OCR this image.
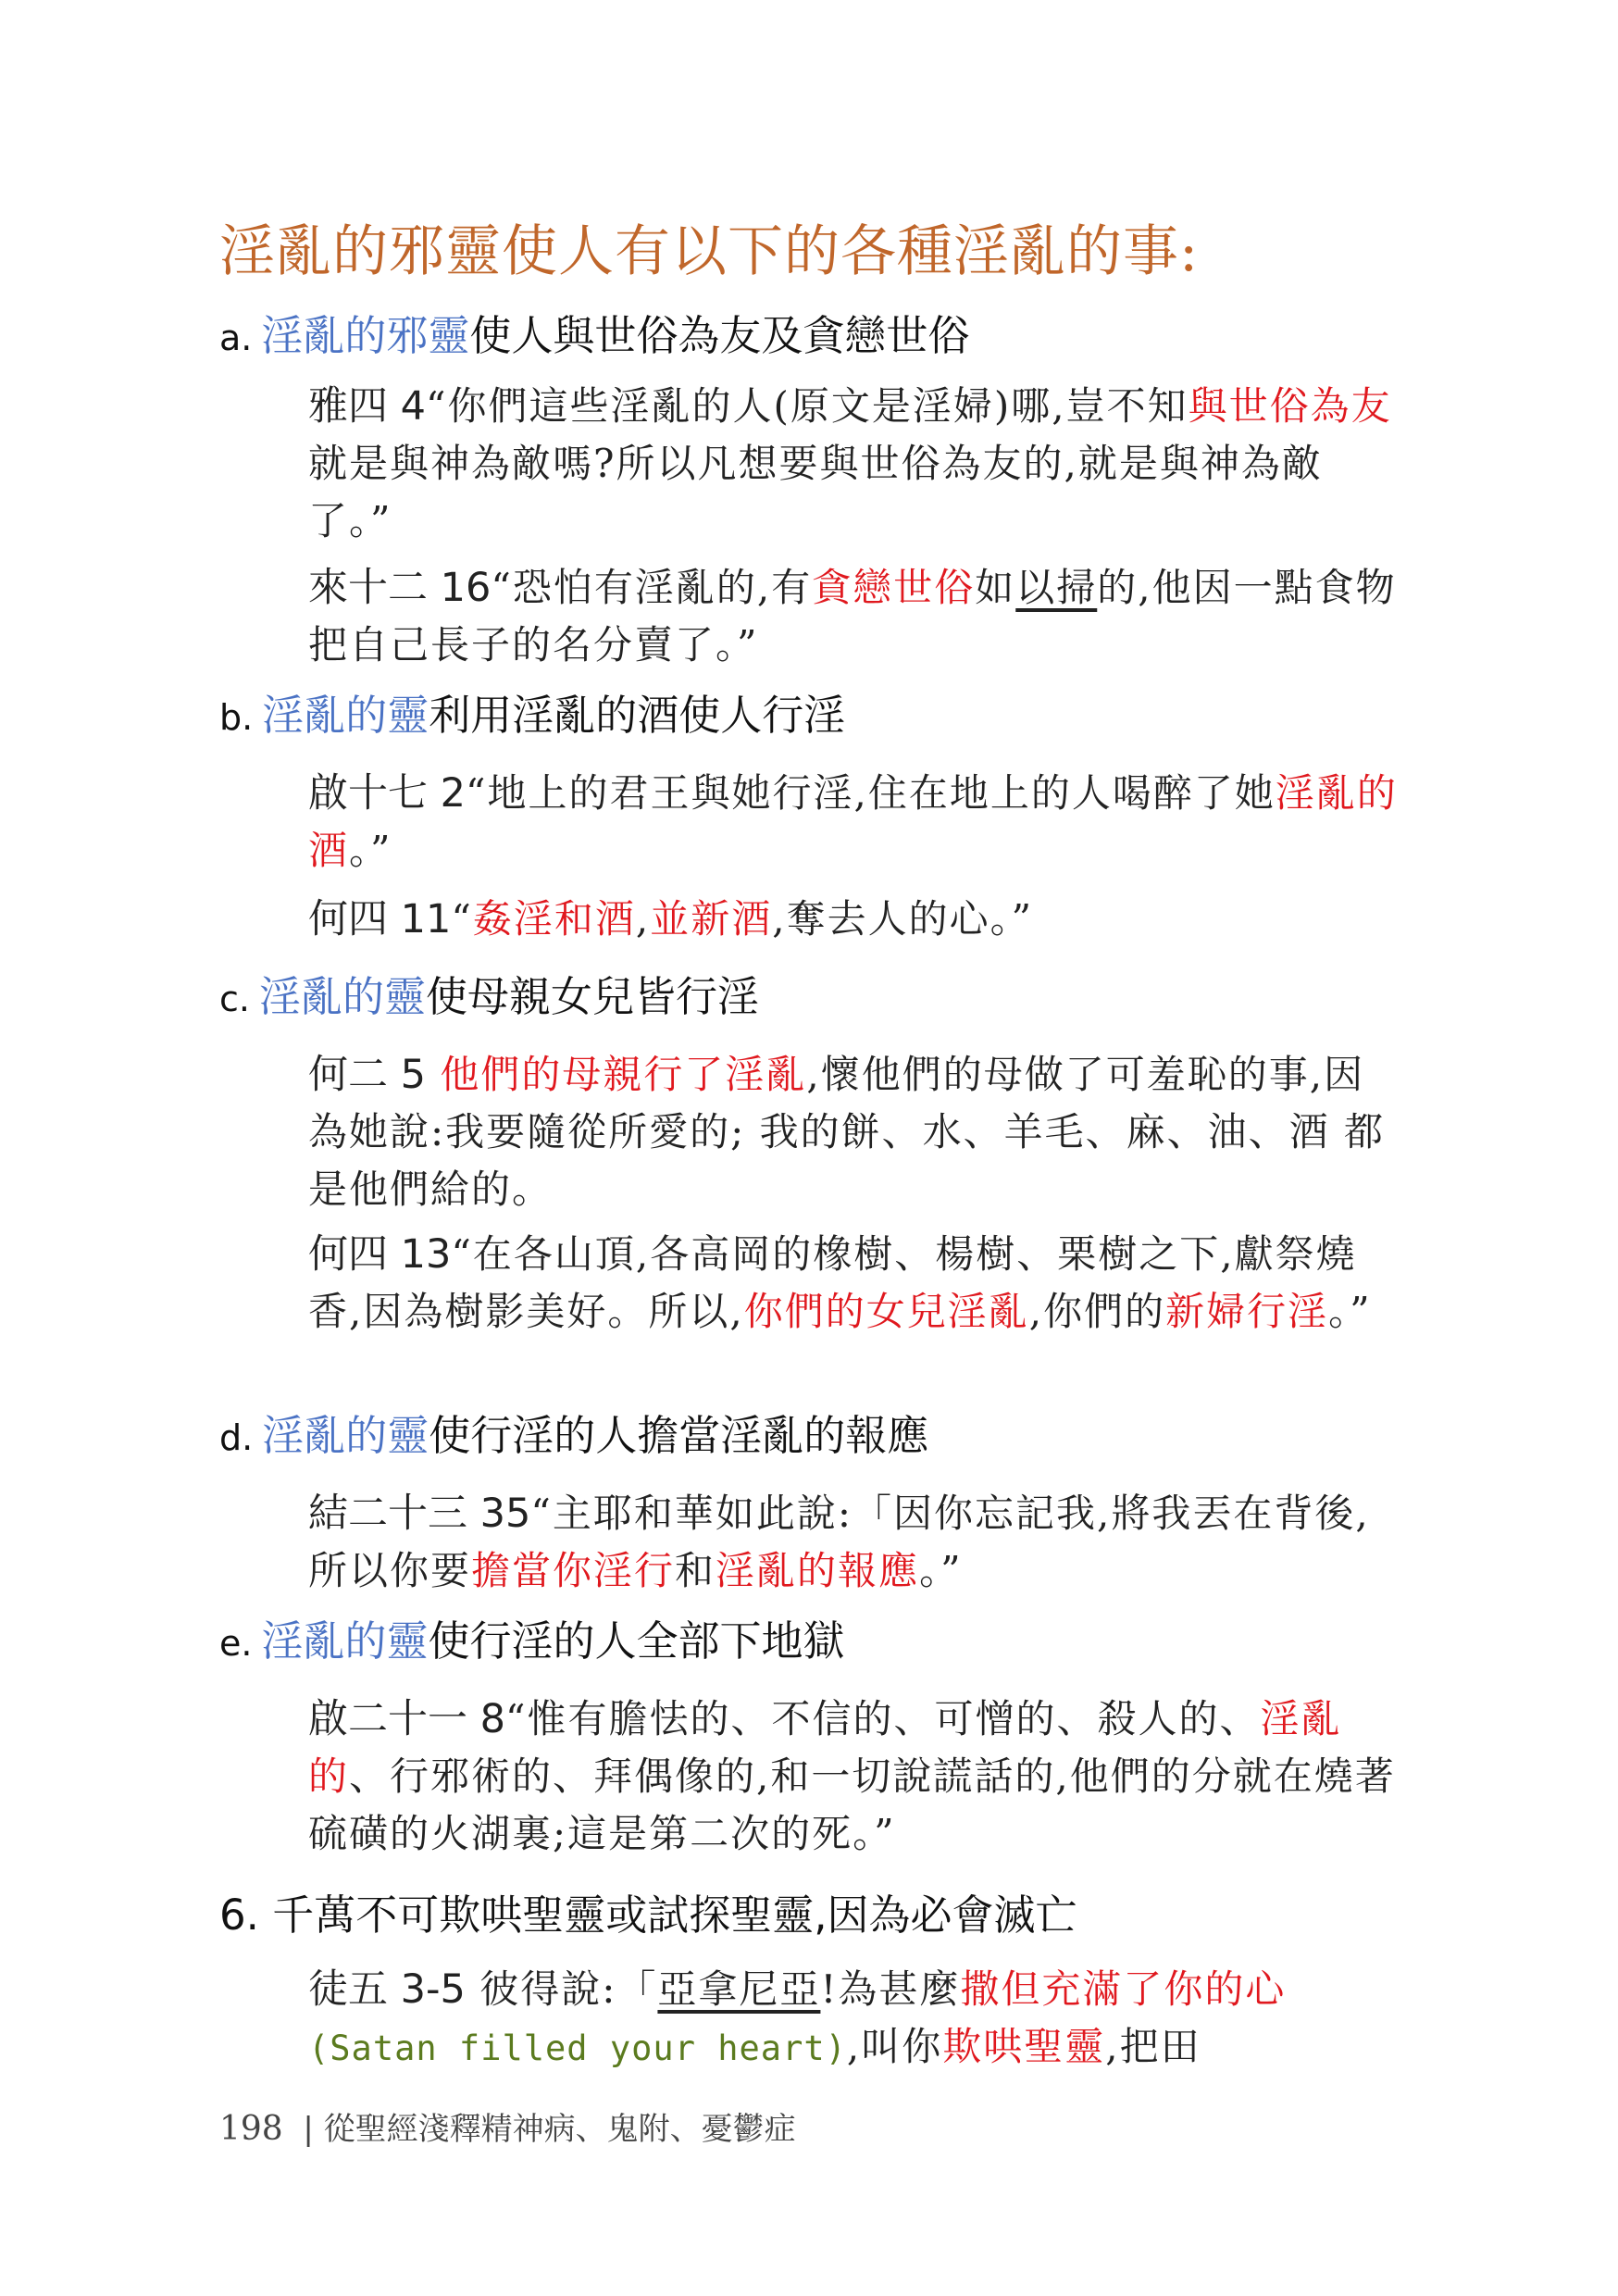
淫亂的邪靈使人有以下的各種淫亂的事:

a. 淫亂的邪靈使人與世俗為友及貪戀世俗

雅四 4“你們這些淫亂的人(原文是淫婦)哪,豈不知與世俗為友就是與神為敵嗎?所以凡想要與世俗為友的,就是與神為敵了。”

來十二 16“恐怕有淫亂的,有貪戀世俗如以掃的,他因一點食物把自己長子的名分賣了。”

b. 淫亂的靈利用淫亂的酒使人行淫

啟十七 2“地上的君王與她行淫,住在地上的人喝醉了她淫亂的酒。”

何四 11“姦淫和酒,並新酒,奪去人的心。”

c. 淫亂的靈使母親女兒皆行淫

何二 5 他們的母親行了淫亂,懷他們的母做了可羞恥的事,因為她說:我要隨從所愛的; 我的餅、水、羊毛、麻、油、酒 都是他們給的。

何四 13“在各山頂,各高岡的橡樹、楊樹、栗樹之下,獻祭燒香,因為樹影美好。所以,你們的女兒淫亂,你們的新婦行淫。”

d. 淫亂的靈使行淫的人擔當淫亂的報應

結二十三 35“主耶和華如此說:「因你忘記我,將我丟在背後,所以你要擔當你淫行和淫亂的報應。”

e. 淫亂的靈使行淫的人全部下地獄

啟二十一 8“惟有膽怯的、不信的、可憎的、殺人的、淫亂的、行邪術的、拜偶像的,和一切說謊話的,他們的分就在燒著硫磺的火湖裏;這是第二次的死。”

6. 千萬不可欺哄聖靈或試探聖靈,因為必會滅亡

徒五 3-5 彼得說:「亞拿尼亞!為甚麼撒但充滿了你的心(Satan filled your heart),叫你欺哄聖靈,把田

198 | 從聖經淺釋精神病、鬼附、憂鬱症
